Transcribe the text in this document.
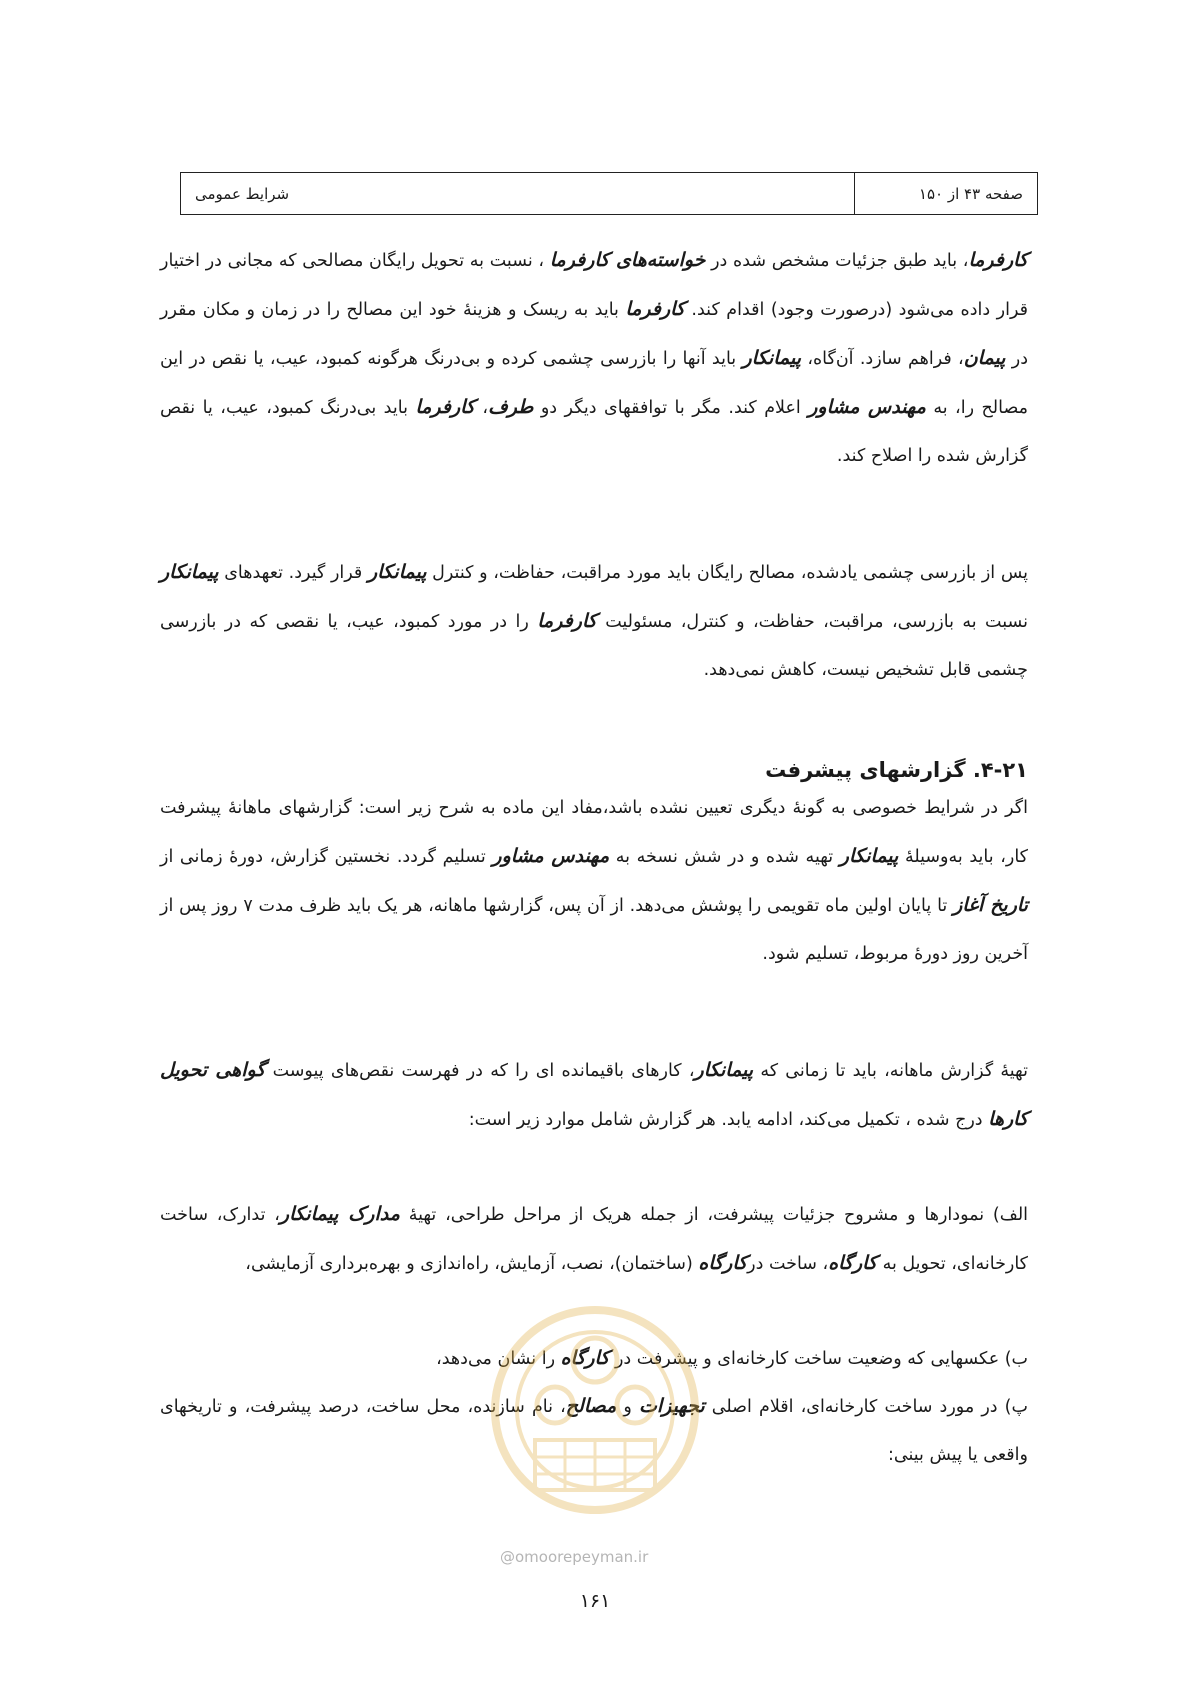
صفحه ۴۳ از ۱۵۰
شرایط عمومی

کارفرما، باید طبق جزئیات مشخص شده در خواسته‌های کارفرما ، نسبت به تحویل رایگان مصالحی که مجانی در اختیار قرار داده می‌شود (درصورت وجود) اقدام کند. کارفرما باید به ریسک و هزینهٔ خود این مصالح را در زمان و مکان مقرر در پیمان، فراهم سازد. آن‌گاه، پیمانکار باید آنها را بازرسی چشمی کرده و بی‌درنگ هرگونه کمبود، عیب، یا نقص در این مصالح را، به مهندس مشاور اعلام کند. مگر با توافقهای دیگر دو طرف، کارفرما باید بی‌درنگ کمبود، عیب، یا نقص گزارش شده را اصلاح کند.

پس از بازرسی چشمی یادشده، مصالح رایگان باید مورد مراقبت، حفاظت، و کنترل پیمانکار قرار گیرد. تعهدهای پیمانکار نسبت به بازرسی، مراقبت، حفاظت، و کنترل، مسئولیت کارفرما را در مورد کمبود، عیب، یا نقصی که در بازرسی چشمی قابل تشخیص نیست، کاهش نمی‌دهد.

۴-۲۱. گزارشهای پیشرفت

اگر در شرایط خصوصی به گونهٔ دیگری تعیین نشده باشد،مفاد این ماده به شرح زیر است: گزارشهای ماهانهٔ پیشرفت کار، باید به‌وسیلهٔ پیمانکار تهیه شده و در شش نسخه به مهندس مشاور تسلیم گردد. نخستین گزارش، دورهٔ زمانی از تاریخ آغاز تا پایان اولین ماه تقویمی را پوشش می‌دهد. از آن پس، گزارشها ماهانه، هر یک باید ظرف مدت ۷ روز پس از آخرین روز دورهٔ مربوط، تسلیم شود.

تهیهٔ گزارش ماهانه، باید تا زمانی که پیمانکار، کارهای باقیمانده ای را که در فهرست نقص‌های پیوست گواهی تحویل کارها درج شده ، تکمیل می‌کند، ادامه یابد. هر گزارش شامل موارد زیر است:

الف) نمودارها و مشروح جزئیات پیشرفت، از جمله هریک از مراحل طراحی، تهیهٔ مدارک پیمانکار، تدارک، ساخت کارخانه‌ای، تحویل به کارگاه، ساخت درکارگاه (ساختمان)، نصب، آزمایش، راه‌اندازی و بهره‌برداری آزمایشی،

ب) عکسهایی که وضعیت ساخت کارخانه‌ای و پیشرفت در کارگاه را نشان می‌دهد،

پ) در مورد ساخت کارخانه‌ای، اقلام اصلی تجهیزات و مصالح، نام سازنده، محل ساخت، درصد پیشرفت، و تاریخهای واقعی یا پیش بینی:

@omoorepeyman.ir
۱۶۱
